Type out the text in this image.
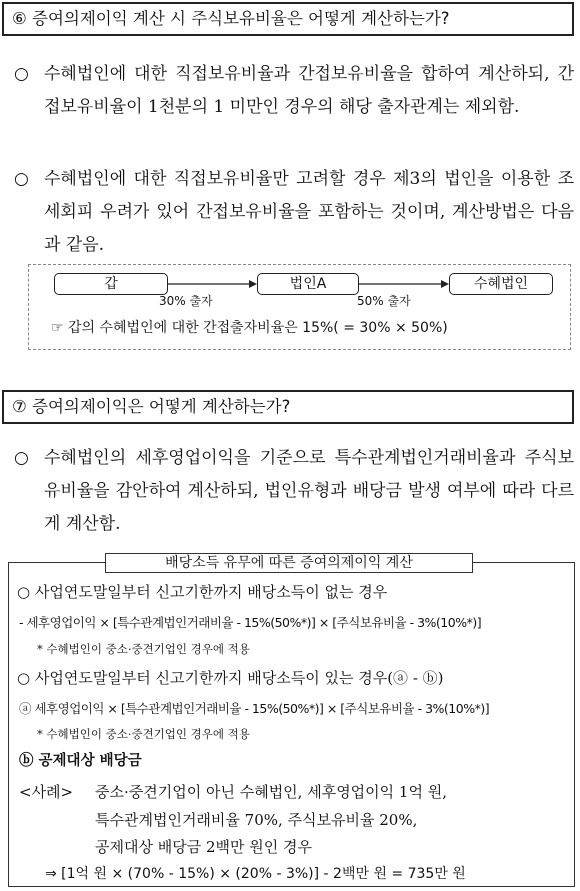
⑥ 증여의제이익 계산 시 주식보유비율은 어떻게 계산하는가?
○ 수혜법인에 대한 직접보유비율과 간접보유비율을 합하여 계산하되, 간접보유비율이 1천분의 1 미만인 경우의 해당 출자관계는 제외함.
○ 수혜법인에 대한 직접보유비율만 고려할 경우 제3의 법인을 이용한 조세회피 우려가 있어 간접보유비율을 포함하는 것이며, 계산방법은 다음과 같음.
갑	법인A	수혜법인
30% 출자	50% 출자
☞ 갑의 수혜법인에 대한 간접출자비율은 15%( = 30% × 50%)
⑦ 증여의제이익은 어떻게 계산하는가?
○ 수혜법인의 세후영업이익을 기준으로 특수관계법인거래비율과 주식보유비율을 감안하여 계산하되, 법인유형과 배당금 발생 여부에 따라 다르게 계산함.
배당소득 유무에 따른 증여의제이익 계산
○ 사업연도말일부터 신고기한까지 배당소득이 없는 경우
- 세후영업이익 × [특수관계법인거래비율 - 15%(50%*)] × [주식보유비율 - 3%(10%*)]
* 수혜법인이 중소·중견기업인 경우에 적용
○ 사업연도말일부터 신고기한까지 배당소득이 있는 경우(ⓐ - ⓑ)
ⓐ 세후영업이익 × [특수관계법인거래비율 - 15%(50%*)] × [주식보유비율 - 3%(10%*)]
* 수혜법인이 중소·중견기업인 경우에 적용
ⓑ 공제대상 배당금
<사례> 중소·중견기업이 아닌 수혜법인, 세후영업이익 1억 원,
특수관계법인거래비율 70%, 주식보유비율 20%,
공제대상 배당금 2백만 원인 경우
⇒ [1억 원 × (70% - 15%) × (20% - 3%)] - 2백만 원 = 735만 원
